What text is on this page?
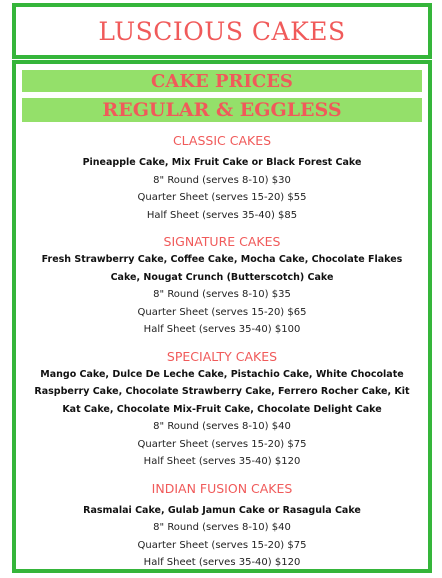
LUSCIOUS CAKES
CAKE PRICES
REGULAR & EGGLESS
CLASSIC CAKES
Pineapple Cake, Mix Fruit Cake or Black Forest Cake
8" Round (serves 8-10) $30
Quarter Sheet (serves 15-20) $55
Half Sheet (serves 35-40) $85
SIGNATURE CAKES
Fresh Strawberry Cake, Coffee Cake, Mocha Cake, Chocolate Flakes Cake, Nougat Crunch (Butterscotch) Cake
8" Round (serves 8-10) $35
Quarter Sheet (serves 15-20) $65
Half Sheet (serves 35-40) $100
SPECIALTY CAKES
Mango Cake, Dulce De Leche Cake, Pistachio Cake, White Chocolate Raspberry Cake, Chocolate Strawberry Cake, Ferrero Rocher Cake, Kit Kat Cake, Chocolate Mix-Fruit Cake, Chocolate Delight Cake
8" Round (serves 8-10) $40
Quarter Sheet (serves 15-20) $75
Half Sheet (serves 35-40) $120
INDIAN FUSION CAKES
Rasmalai Cake, Gulab Jamun Cake or Rasagula Cake
8" Round (serves 8-10) $40
Quarter Sheet (serves 15-20) $75
Half Sheet (serves 35-40) $120
